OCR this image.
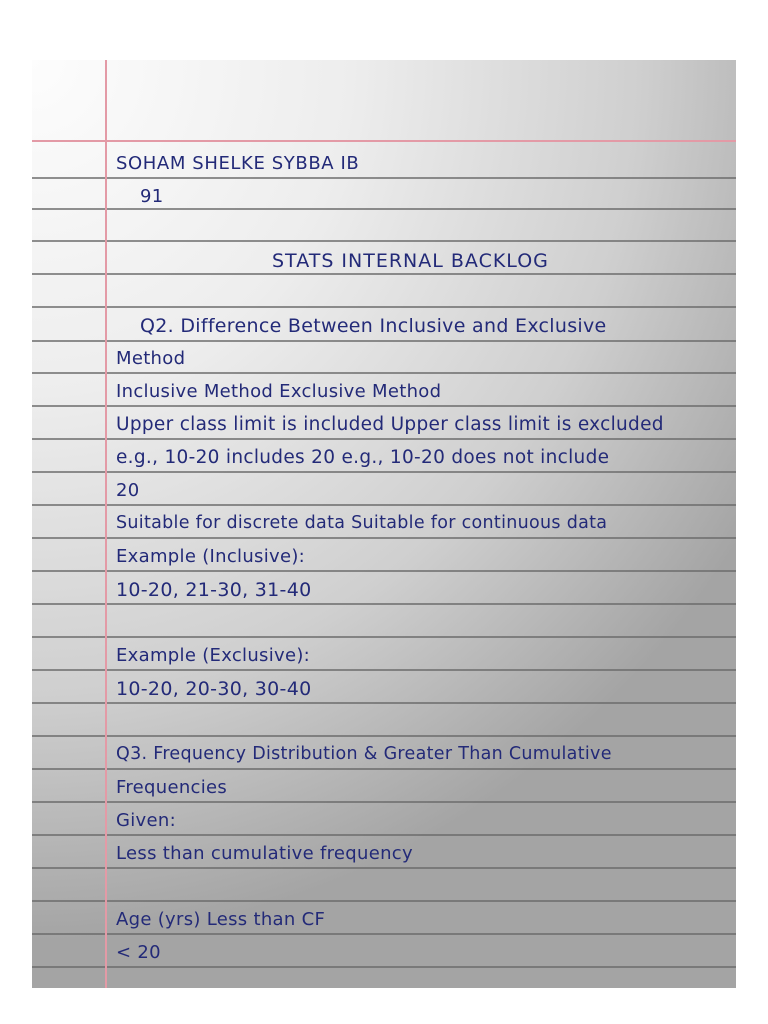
SOHAM SHELKE SYBBA IB
91
STATS INTERNAL BACKLOG
Q2. Difference Between Inclusive and Exclusive
Method
Inclusive Method Exclusive Method
Upper class limit is included Upper class limit is excluded
e.g., 10-20 includes 20 e.g., 10-20 does not include
20
Suitable for discrete data Suitable for continuous data
Example (Inclusive):
10-20, 21-30, 31-40
Example (Exclusive):
10-20, 20-30, 30-40
Q3. Frequency Distribution & Greater Than Cumulative
Frequencies
Given:
Less than cumulative frequency
Age (yrs) Less than CF
< 20
